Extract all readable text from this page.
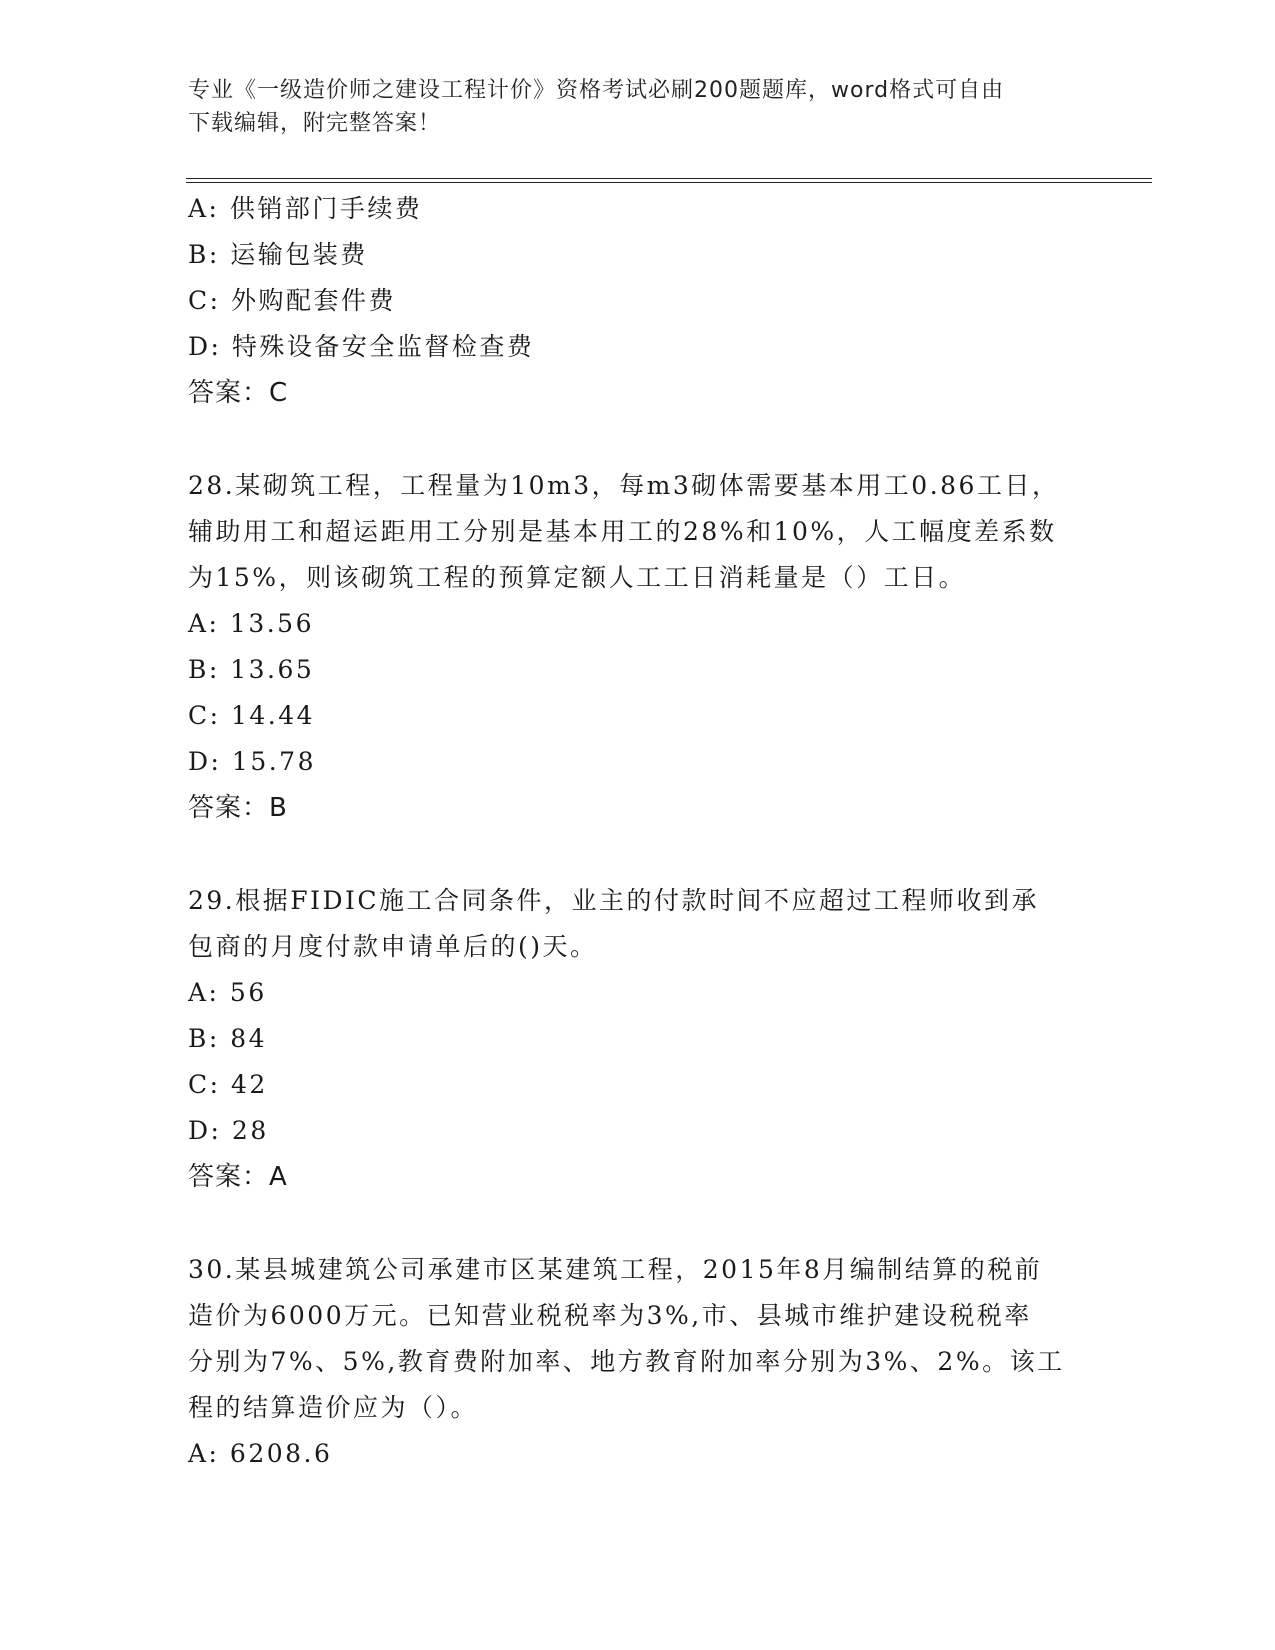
专业《一级造价师之建设工程计价》资格考试必刷200题题库，word格式可自由
下载编辑，附完整答案！
A: 供销部门手续费
B: 运输包装费
C: 外购配套件费
D: 特殊设备安全监督检查费
答案：C
28.某砌筑工程，工程量为10m3，每m3砌体需要基本用工0.86工日，
辅助用工和超运距用工分别是基本用工的28%和10%，人工幅度差系数
为15%，则该砌筑工程的预算定额人工工日消耗量是（）工日。
A: 13.56
B: 13.65
C: 14.44
D: 15.78
答案：B
29.根据FIDIC施工合同条件，业主的付款时间不应超过工程师收到承
包商的月度付款申请单后的()天。
A: 56
B: 84
C: 42
D: 28
答案：A
30.某县城建筑公司承建市区某建筑工程，2015年8月编制结算的税前
造价为6000万元。已知营业税税率为3%,市、县城市维护建设税税率
分别为7%、5%,教育费附加率、地方教育附加率分别为3%、2%。该工
程的结算造价应为（）。
A: 6208.6
